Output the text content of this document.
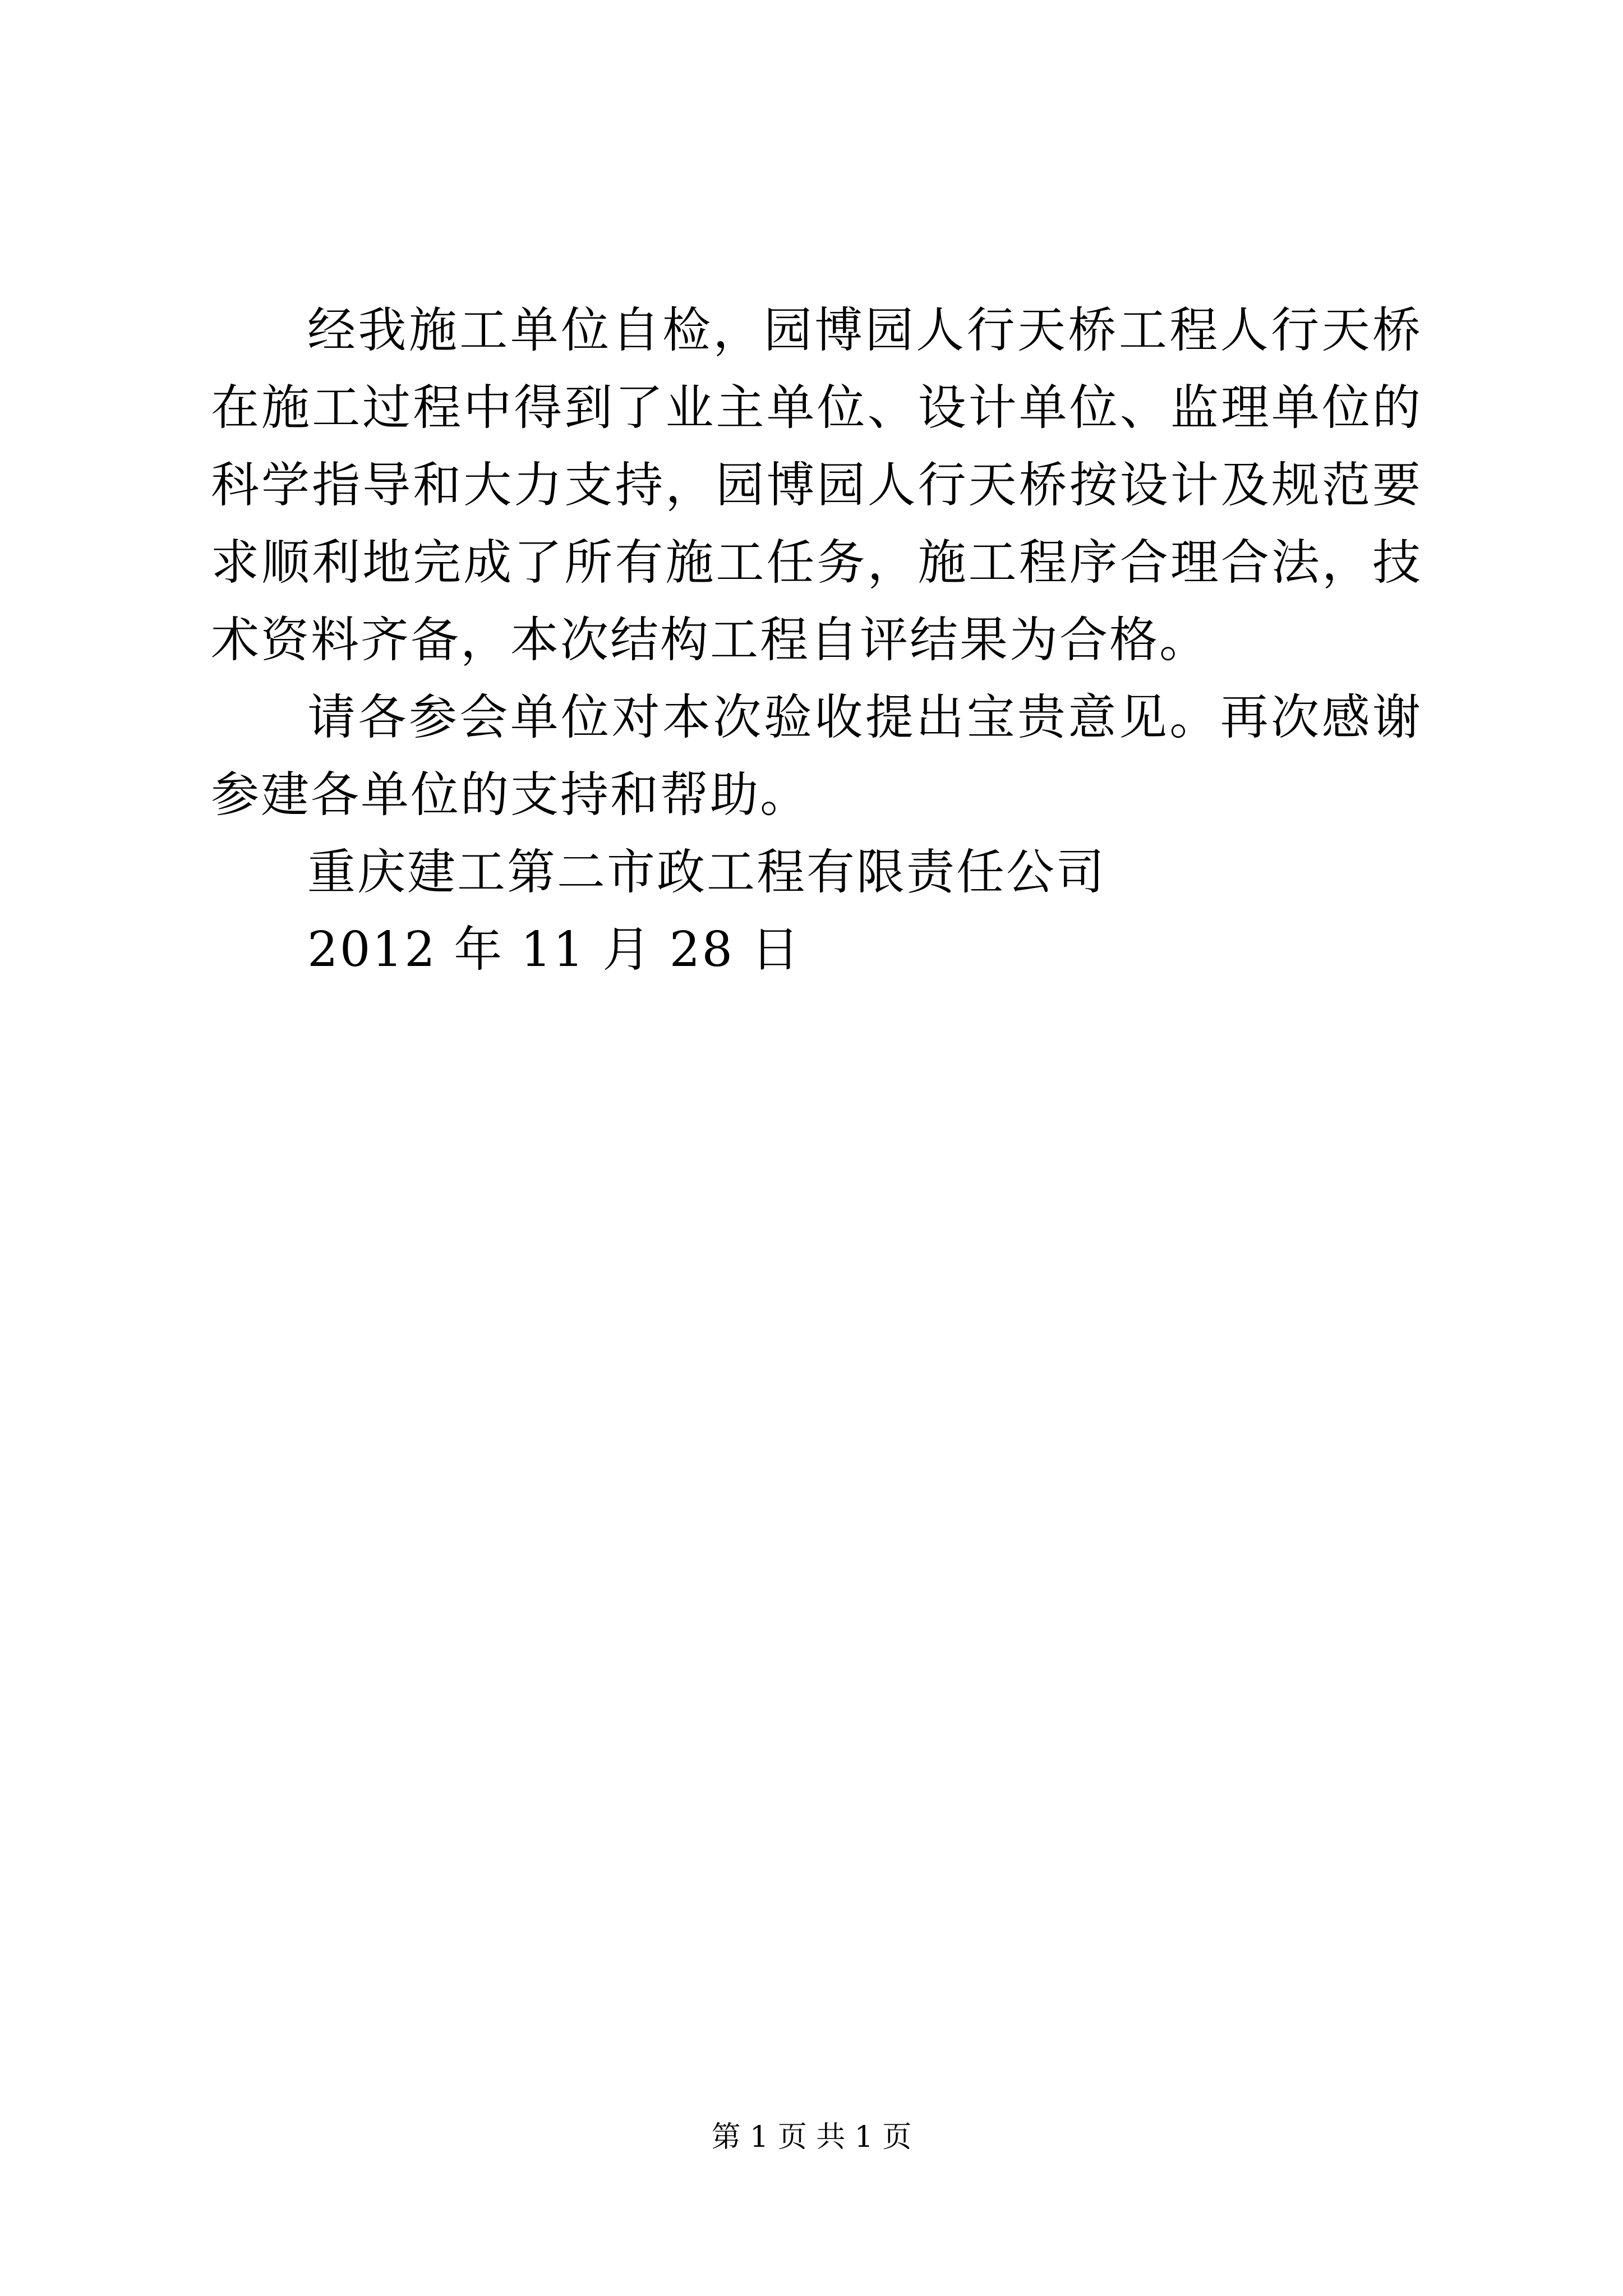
经我施工单位自检，园博园人行天桥工程人行天桥在施工过程中得到了业主单位、设计单位、监理单位的科学指导和大力支持，园博园人行天桥按设计及规范要求顺利地完成了所有施工任务，施工程序合理合法，技术资料齐备，本次结构工程自评结果为合格。

请各参会单位对本次验收提出宝贵意见。再次感谢参建各单位的支持和帮助。

重庆建工第二市政工程有限责任公司

2012 年 11 月 28 日

第 1 页 共 1 页
